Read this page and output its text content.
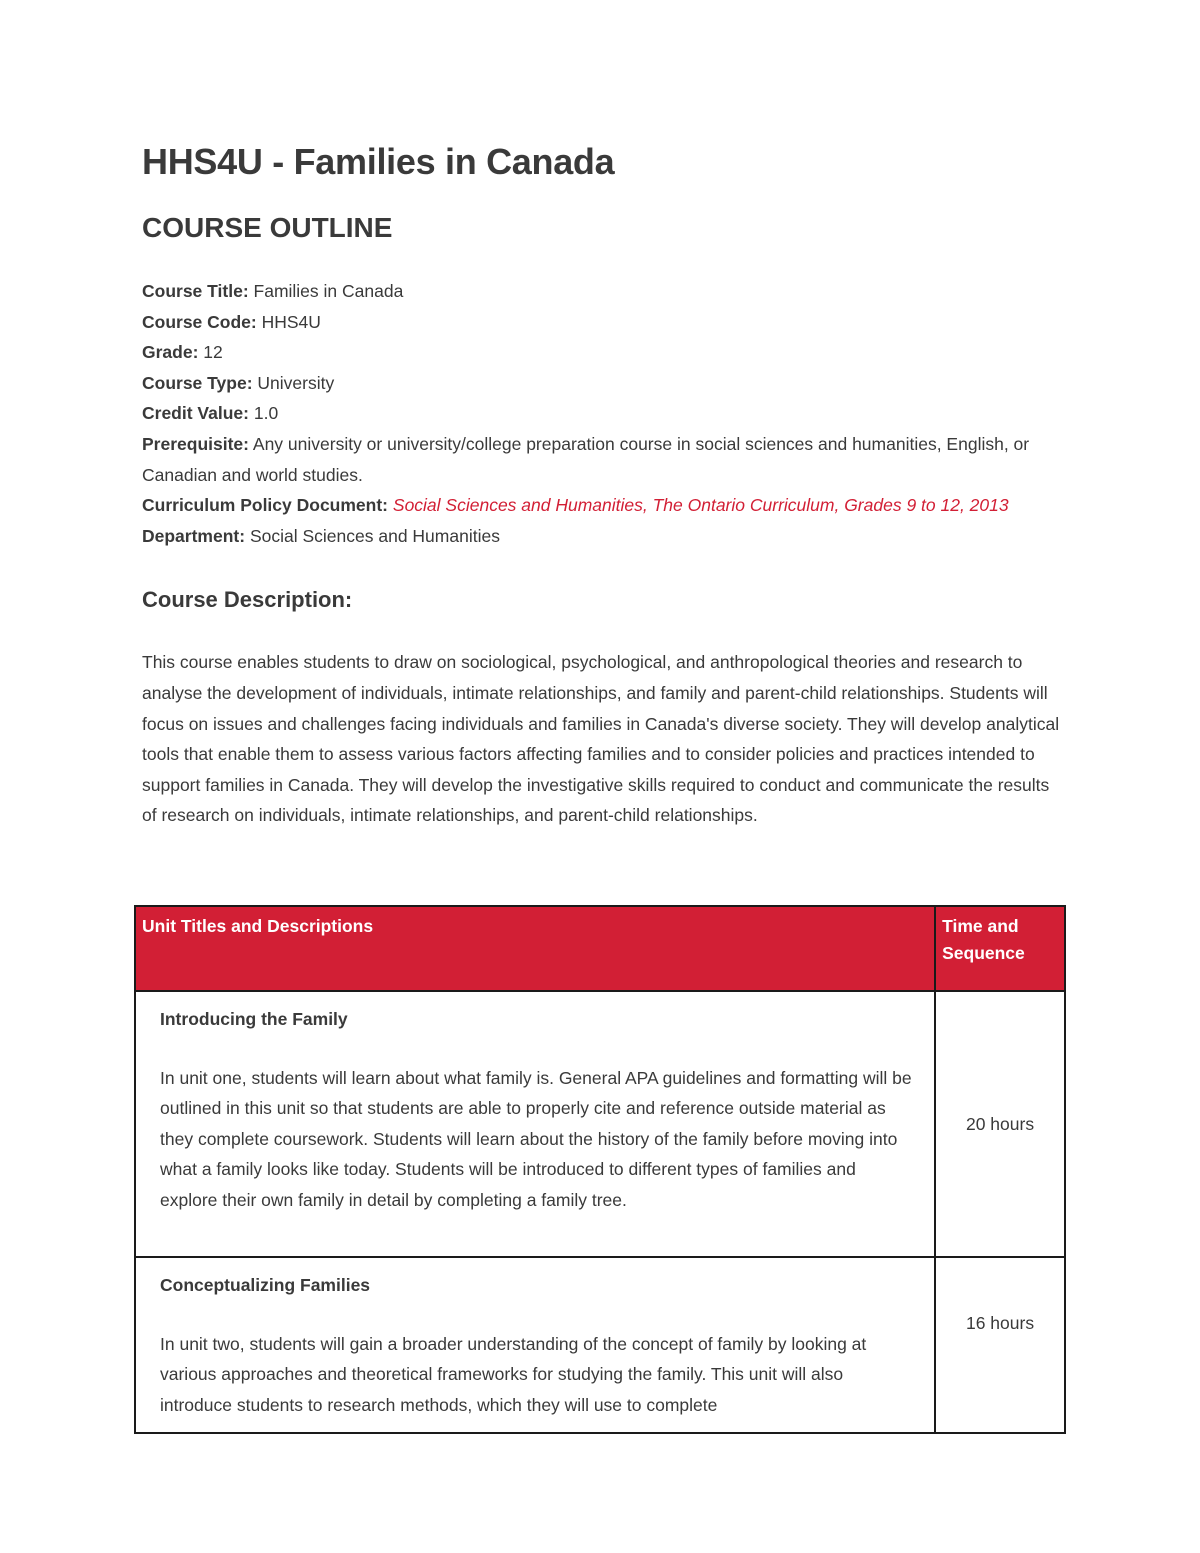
HHS4U - Families in Canada
COURSE OUTLINE
Course Title: Families in Canada
Course Code: HHS4U
Grade: 12
Course Type: University
Credit Value: 1.0
Prerequisite: Any university or university/college preparation course in social sciences and humanities, English, or Canadian and world studies.
Curriculum Policy Document: Social Sciences and Humanities, The Ontario Curriculum, Grades 9 to 12, 2013
Department: Social Sciences and Humanities
Course Description:

This course enables students to draw on sociological, psychological, and anthropological theories and research to analyse the development of individuals, intimate relationships, and family and parent-child relationships. Students will focus on issues and challenges facing individuals and families in Canada's diverse society. They will develop analytical tools that enable them to assess various factors affecting families and to consider policies and practices intended to support families in Canada. They will develop the investigative skills required to conduct and communicate the results of research on individuals, intimate relationships, and parent-child relationships.

Unit Titles and Descriptions	Time and Sequence

Introducing the Family
In unit one, students will learn about what family is. General APA guidelines and formatting will be outlined in this unit so that students are able to properly cite and reference outside material as they complete coursework. Students will learn about the history of the family before moving into what a family looks like today. Students will be introduced to different types of families and explore their own family in detail by completing a family tree.	20 hours

Conceptualizing Families
In unit two, students will gain a broader understanding of the concept of family by looking at various approaches and theoretical frameworks for studying the family. This unit will also introduce students to research methods, which they will use to complete	16 hours
